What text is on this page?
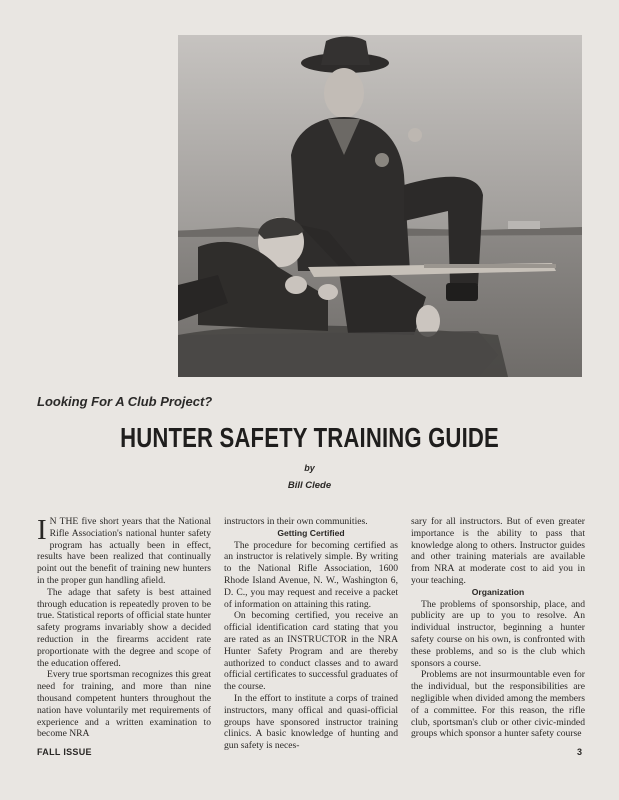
Looking For A Club Project?
HUNTER SAFETY TRAINING GUIDE
by
Bill Clede

I N THE five short years that the National Rifle Association's national hunter safety program has actually been in effect, results have been realized that continually point out the benefit of training new hunters in the proper gun handling afield.

The adage that safety is best attained through education is repeatedly proven to be true. Statistical reports of official state hunter safety programs invariably show a decided reduction in the firearms accident rate proportionate with the degree and scope of the education offered.

Every true sportsman recognizes this great need for training, and more than nine thousand competent hunters throughout the nation have voluntarily met requirements of experience and a written examination to become NRA

instructors in their own communities.

Getting Certified

The procedure for becoming certified as an instructor is relatively simple. By writing to the National Rifle Association, 1600 Rhode Island Avenue, N. W., Washington 6, D. C., you may request and receive a packet of information on attaining this rating.

On becoming certified, you receive an official identification card stating that you are rated as an INSTRUCTOR in the NRA Hunter Safety Program and are thereby authorized to conduct classes and to award official certificates to successful graduates of the course.

In the effort to institute a corps of trained instructors, many offical and quasi-official groups have sponsored instructor training clinics. A basic knowledge of hunting and gun safety is neces-

sary for all instructors. But of even greater importance is the ability to pass that knowledge along to others. Instructor guides and other training materials are available from NRA at moderate cost to aid you in your teaching.

Organization

The problems of sponsorship, place, and publicity are up to you to resolve. An individual instructor, beginning a hunter safety course on his own, is confronted with these problems, and so is the club which sponsors a course.

Problems are not insurmountable even for the individual, but the responsibilities are negligible when divided among the members of a committee. For this reason, the rifle club, sportsman's club or other civic-minded groups which sponsor a hunter safety course

FALL ISSUE	3
